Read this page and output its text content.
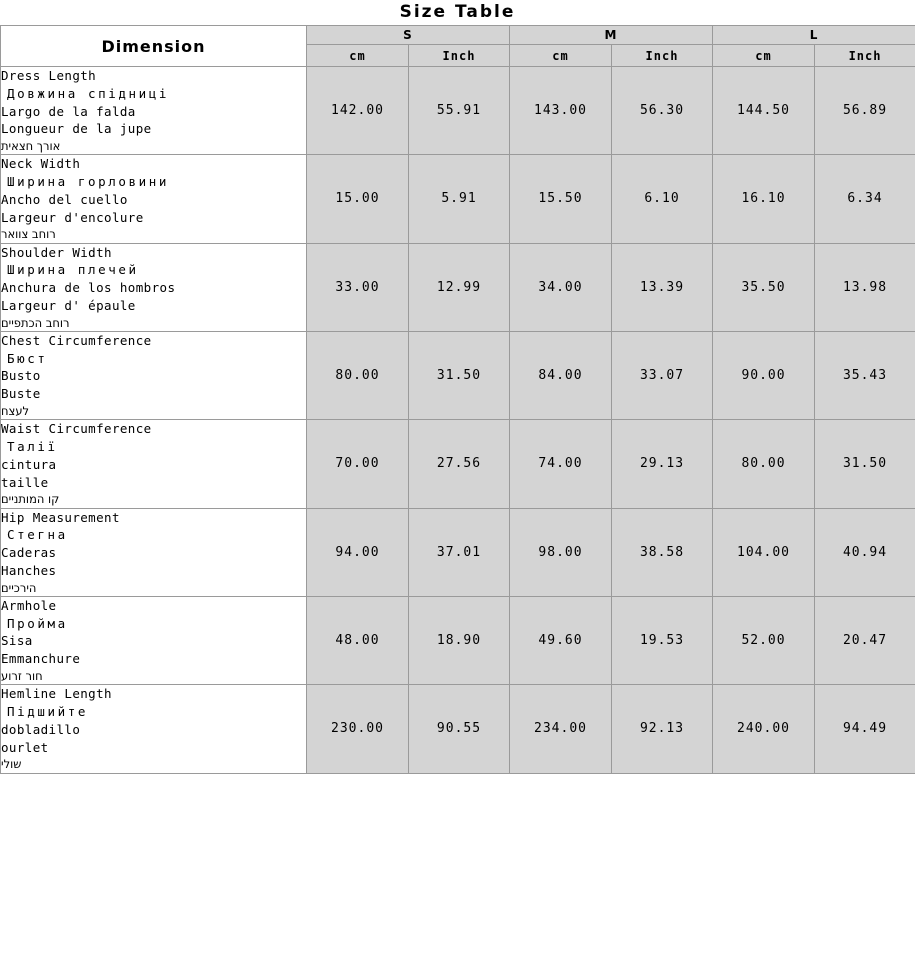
Size Table
Dimension	S		M		L	
	cm	Inch	cm	Inch	cm	Inch

Dress Length
Довжина спідниці
Largo de la falda
Longueur de la jupe
אורך חצאית	142.00	55.91	143.00	56.30	144.50	56.89

Neck Width
Ширина горловини
Ancho del cuello
Largeur d'encolure
רוחב צוואר	15.00	5.91	15.50	6.10	16.10	6.34

Shoulder Width
Ширина плечей
Anchura de los hombros
Largeur d' épaule
רוחב הכתפיים	33.00	12.99	34.00	13.39	35.50	13.98

Chest Circumference
Бюст
Busto
Buste
לעצח	80.00	31.50	84.00	33.07	90.00	35.43

Waist Circumference
Талії
cintura
taille
קו המותניים	70.00	27.56	74.00	29.13	80.00	31.50

Hip Measurement
Стегна
Caderas
Hanches
הירכיים	94.00	37.01	98.00	38.58	104.00	40.94

Armhole
Пройма
Sisa
Emmanchure
חור זרוע	48.00	18.90	49.60	19.53	52.00	20.47

Hemline Length
Підшийте
dobladillo
ourlet
שולי	230.00	90.55	234.00	92.13	240.00	94.49
